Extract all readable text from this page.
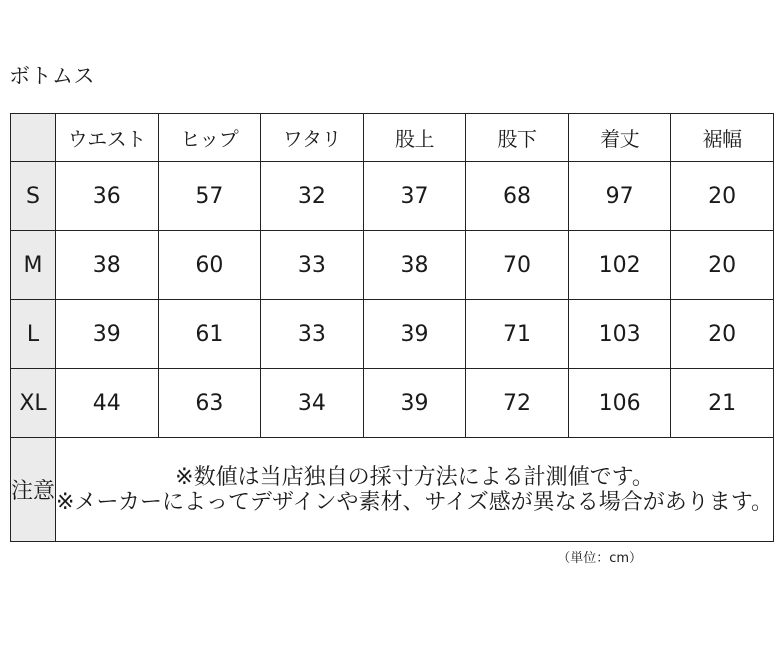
ボトムス
	ウエスト	ヒップ	ワタリ	股上	股下	着丈	裾幅
S	36	57	32	37	68	97	20
M	38	60	33	38	70	102	20
L	39	61	33	39	71	103	20
XL	44	63	34	39	72	106	21
注意	※数値は当店独自の採寸方法による計測値です。
※メーカーによってデザインや素材、サイズ感が異なる場合があります。						
（単位：cm）
